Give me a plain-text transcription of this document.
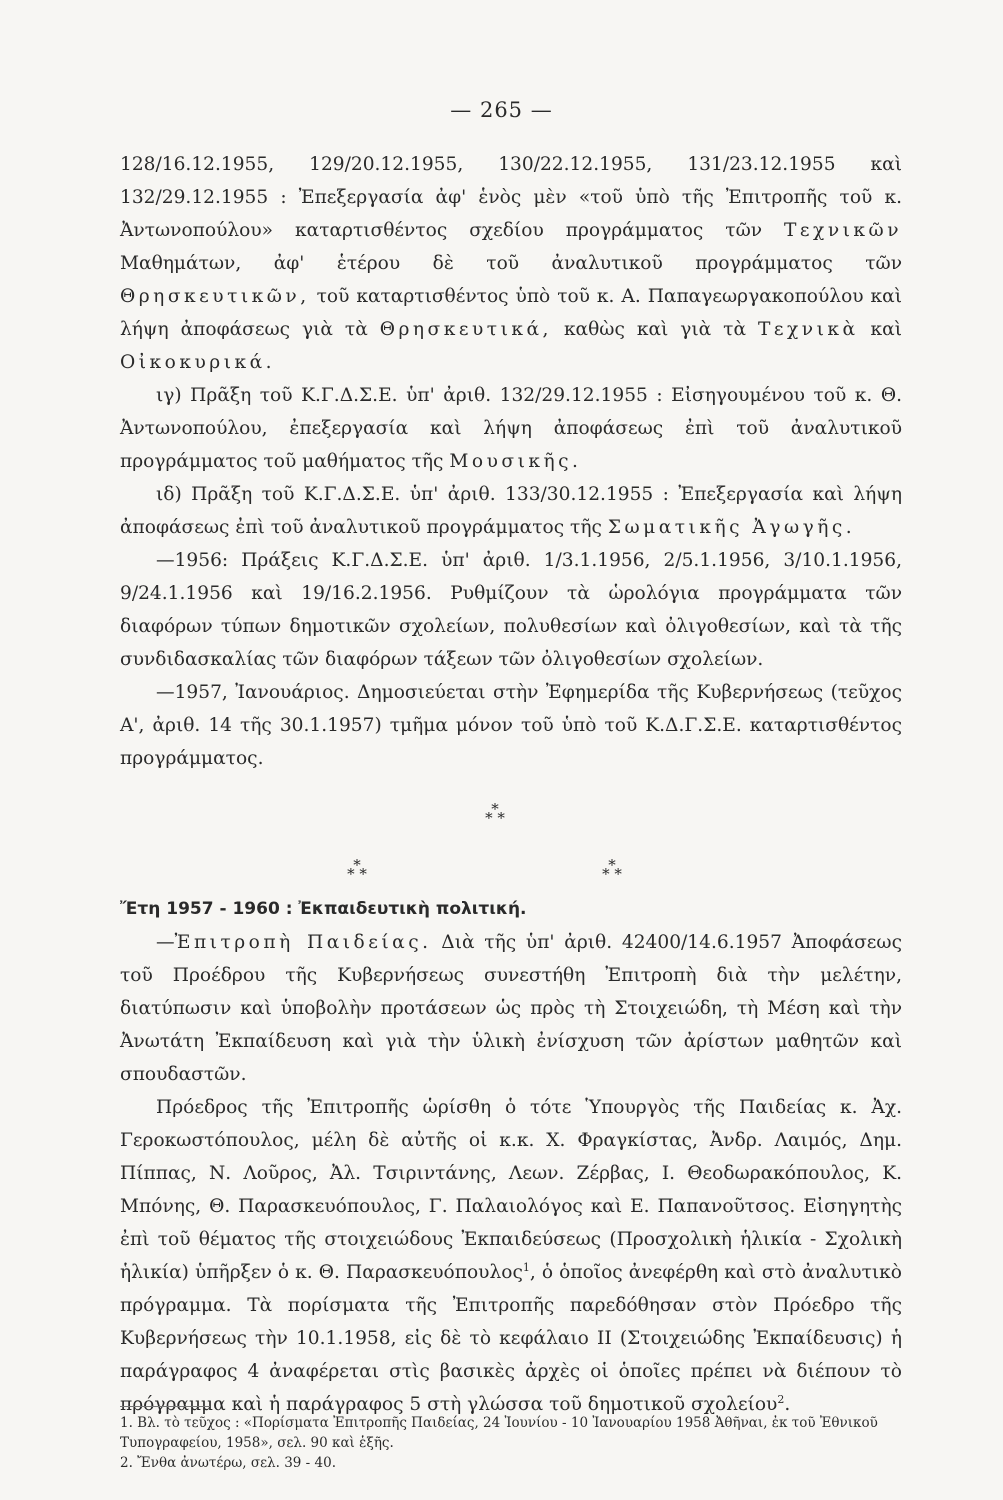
— 265 —

128/16.12.1955, 129/20.12.1955, 130/22.12.1955, 131/23.12.1955 καὶ 132/29.12.1955 : Ἐπεξεργασία ἀφ' ἑνὸς μὲν «τοῦ ὑπὸ τῆς Ἐπιτροπῆς τοῦ κ. Ἀντωνοπούλου» καταρτισθέντος σχεδίου προγράμματος τῶν Τεχνικῶν Μαθημάτων, ἀφ' ἑτέρου δὲ τοῦ ἀναλυτικοῦ προγράμματος τῶν Θρησκευτικῶν, τοῦ καταρτισθέντος ὑπὸ τοῦ κ. Α. Παπαγεωργακοπούλου καὶ λήψη ἀποφάσεως γιὰ τὰ Θρησκευτικά, καθὼς καὶ γιὰ τὰ Τεχνικὰ καὶ Οἰκοκυρικά.

ιγ) Πρᾶξη τοῦ Κ.Γ.Δ.Σ.Ε. ὑπ' ἀριθ. 132/29.12.1955 : Εἰσηγουμένου τοῦ κ. Θ. Ἀντωνοπούλου, ἐπεξεργασία καὶ λήψη ἀποφάσεως ἐπὶ τοῦ ἀναλυτικοῦ προγράμματος τοῦ μαθήματος τῆς Μουσικῆς.

ιδ) Πρᾶξη τοῦ Κ.Γ.Δ.Σ.Ε. ὑπ' ἀριθ. 133/30.12.1955 : Ἐπεξεργασία καὶ λήψη ἀποφάσεως ἐπὶ τοῦ ἀναλυτικοῦ προγράμματος τῆς Σωματικῆς Ἀγωγῆς.

—1956: Πράξεις Κ.Γ.Δ.Σ.Ε. ὑπ' ἀριθ. 1/3.1.1956, 2/5.1.1956, 3/10.1.1956, 9/24.1.1956 καὶ 19/16.2.1956. Ρυθμίζουν τὰ ὡρολόγια προγράμματα τῶν διαφόρων τύπων δημοτικῶν σχολείων, πολυθεσίων καὶ ὀλιγοθεσίων, καὶ τὰ τῆς συνδιδασκαλίας τῶν διαφόρων τάξεων τῶν ὀλιγοθεσίων σχολείων.

—1957, Ἰανουάριος. Δημοσιεύεται στὴν Ἐφημερίδα τῆς Κυβερνήσεως (τεῦχος Α', ἀριθ. 14 τῆς 30.1.1957) τμῆμα μόνον τοῦ ὑπὸ τοῦ Κ.Δ.Γ.Σ.Ε. καταρτισθέντος προγράμματος.

*
* *
*
* *	*
* *

Ἔτη 1957 - 1960 : Ἐκπαιδευτικὴ πολιτική.

—Ἐπιτροπὴ Παιδείας. Διὰ τῆς ὑπ' ἀριθ. 42400/14.6.1957 Ἀποφάσεως τοῦ Προέδρου τῆς Κυβερνήσεως συνεστήθη Ἐπιτροπὴ διὰ τὴν μελέτην, διατύπωσιν καὶ ὑποβολὴν προτάσεων ὡς πρὸς τὴ Στοιχειώδη, τὴ Μέση καὶ τὴν Ἀνωτάτη Ἐκπαίδευση καὶ γιὰ τὴν ὑλικὴ ἐνίσχυση τῶν ἀρίστων μαθητῶν καὶ σπουδαστῶν.

Πρόεδρος τῆς Ἐπιτροπῆς ὡρίσθη ὁ τότε Ὑπουργὸς τῆς Παιδείας κ. Ἀχ. Γεροκωστόπουλος, μέλη δὲ αὐτῆς οἱ κ.κ. Χ. Φραγκίστας, Ἀνδρ. Λαιμός, Δημ. Πίππας, Ν. Λοῦρος, Ἀλ. Τσιριντάνης, Λεων. Ζέρβας, Ι. Θεοδωρακόπουλος, Κ. Μπόνης, Θ. Παρασκευόπουλος, Γ. Παλαιολόγος καὶ Ε. Παπανοῦτσος. Εἰσηγητὴς ἐπὶ τοῦ θέματος τῆς στοιχειώδους Ἐκπαιδεύσεως (Προσχολικὴ ἡλικία - Σχολικὴ ἡλικία) ὑπῆρξεν ὁ κ. Θ. Παρασκευόπουλος$^1$, ὁ ὁποῖος ἀνεφέρθη καὶ στὸ ἀναλυτικὸ πρόγραμμα. Τὰ πορίσματα τῆς Ἐπιτροπῆς παρεδόθησαν στὸν Πρόεδρο τῆς Κυβερνήσεως τὴν 10.1.1958, εἰς δὲ τὸ κεφάλαιο ΙΙ (Στοιχειώδης Ἐκπαίδευσις) ἡ παράγραφος 4 ἀναφέρεται στὶς βασικὲς ἀρχὲς οἱ ὁποῖες πρέπει νὰ διέπουν τὸ πρόγραμμα καὶ ἡ παράγραφος 5 στὴ γλώσσα τοῦ δημοτικοῦ σχολείου$^2$.

1. Βλ. τὸ τεῦχος : «Πορίσματα Ἐπιτροπῆς Παιδείας, 24 Ἰουνίου - 10 Ἰανουαρίου 1958 Ἀθῆναι, ἐκ τοῦ Ἐθνικοῦ Τυπογραφείου, 1958», σελ. 90 καὶ ἑξῆς.

2. Ἔνθα ἀνωτέρω, σελ. 39 - 40.
